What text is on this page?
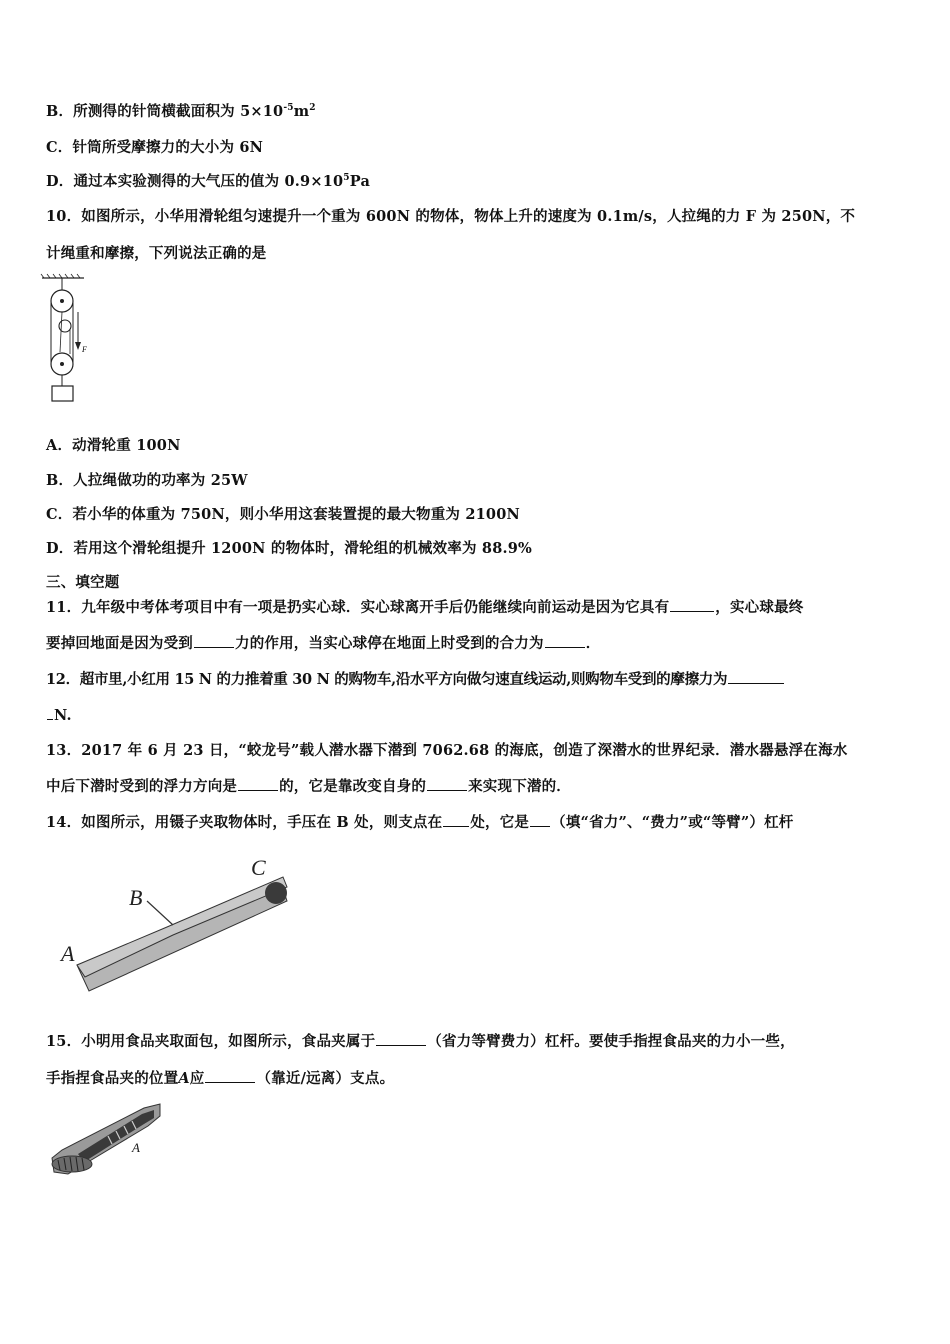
B．所测得的针筒横截面积为 $5\times 10^{-5}m^2$
C．针筒所受摩擦力的大小为 6N
D．通过本实验测得的大气压的值为 $0.9\times 10^5Pa$
10．如图所示，小华用滑轮组匀速提升一个重为 600N 的物体，物体上升的速度为 0.1m/s，人拉绳的力 F 为 250N，不
计绳重和摩擦，下列说法正确的是
F
A．动滑轮重 100N
B．人拉绳做功的功率为 25W
C．若小华的体重为 750N，则小华用这套装置提的最大物重为 2100N
D．若用这个滑轮组提升 1200N 的物体时，滑轮组的机械效率为 88.9%
三、填空题
11．九年级中考体考项目中有一项是扔实心球．实心球离开手后仍能继续向前运动是因为它具有	，实心球最终
要掉回地面是因为受到	力的作用，当实心球停在地面上时受到的合力为	．
12．超市里,小红用 15 N 的力推着重 30 N 的购物车,沿水平方向做匀速直线运动,则购物车受到的摩擦力为
N.
13．2017 年 6 月 23 日，“蛟龙号”载人潜水器下潜到 7062.68 的海底，创造了深潜水的世界纪录．潜水器悬浮在海水
中后下潜时受到的浮力方向是	的，它是靠改变自身的	来实现下潜的．
14．如图所示，用镊子夹取物体时，手压在 B 处，则支点在 处，它是 （填“省力”、“费力”或“等臂”）杠杆
A
B
C
15．小明用食品夹取面包，如图所示，食品夹属于	（省力等臂费力）杠杆。要使手指捏食品夹的力小一些，
手指捏食品夹的位置A应	（靠近/远离）支点。
A
